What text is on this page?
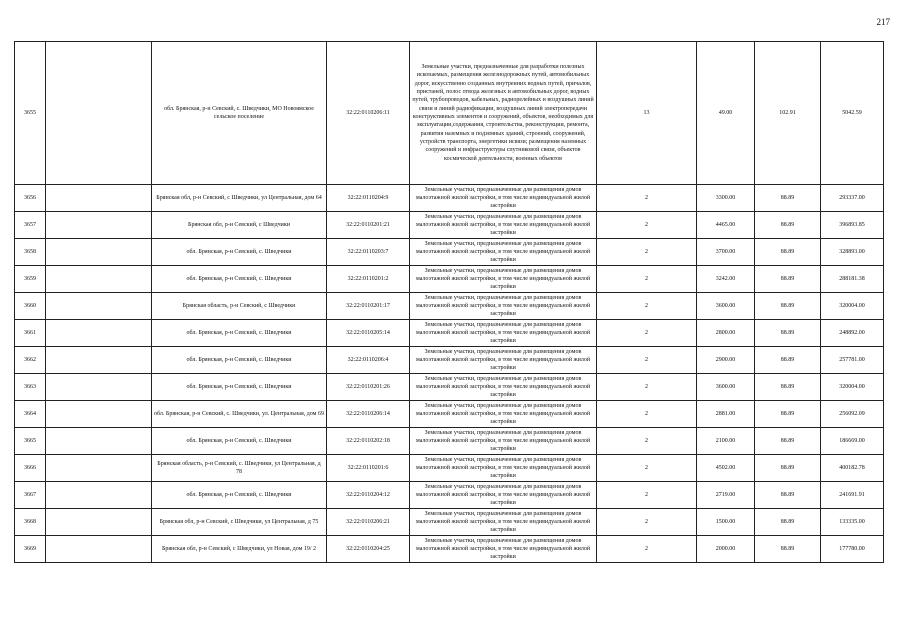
217
3655		обл. Брянская, р-н Севский, с. Шведчики, МО Новоямское сельское поселение	32:22:0110206:11	Земельные участки, предназначенные для разработки полезных ископаемых, размещения железнодорожных путей, автомобильных дорог, искусственно созданных внутренних водных путей, причалов, пристаней, полос отвода железных и автомобильных дорог, водных путей, трубопроводов, кабельных, радиорелейных и воздушных линий связи и линий радиофикации, воздушных линий электропередачи конструктивных элементов и сооружений, объектов, необходимых для эксплуатации,содержания, строительства, реконструкции, ремонта, развития наземных и подземных зданий, строений, сооружений, устройств транспорта, энергетики исвязи; размещения наземных сооружений и инфраструктуры спутниковой связи, объектов космической деятельности, военных объектов	13	49.00	102.91	5042.59
3656		Брянская обл, р-н Севский, с Шведчики, ул Центральная, дом 64	32:22:0110204:9	Земельные участки, предназначенные для размещения домов малоэтажной жилой застройки, в том числе индивидуальной жилой застройки	2	3300.00	88.89	293337.00
3657		Брянская обл, р-н Севский, с Шведчики	32:22:0110201:21	Земельные участки, предназначенные для размещения домов малоэтажной жилой застройки, в том числе индивидуальной жилой застройки	2	4465.00	88.89	396893.85
3658		обл. Брянская, р-н Севский, с. Шведчики	32:22:0110203:7	Земельные участки, предназначенные для размещения домов малоэтажной жилой застройки, в том числе индивидуальной жилой застройки	2	3700.00	88.89	328893.00
3659		обл. Брянская, р-н Севский, с. Шведчики	32:22:0110201:2	Земельные участки, предназначенные для размещения домов малоэтажной жилой застройки, в том числе индивидуальной жилой застройки	2	3242.00	88.89	288181.38
3660		Брянская область, р-н Севский, с Шведчики	32:22:0110201:17	Земельные участки, предназначенные для размещения домов малоэтажной жилой застройки, в том числе индивидуальной жилой застройки	2	3600.00	88.89	320004.00
3661		обл. Брянская, р-н Севский, с. Шведчики	32:22:0110205:14	Земельные участки, предназначенные для размещения домов малоэтажной жилой застройки, в том числе индивидуальной жилой застройки	2	2800.00	88.89	248892.00
3662		обл. Брянская, р-н Севский, с. Шведчики	32:22:0110206:4	Земельные участки, предназначенные для размещения домов малоэтажной жилой застройки, в том числе индивидуальной жилой застройки	2	2900.00	88.89	257781.00
3663		обл. Брянская, р-н Севский, с. Шведчики	32:22:0110201:26	Земельные участки, предназначенные для размещения домов малоэтажной жилой застройки, в том числе индивидуальной жилой застройки	2	3600.00	88.89	320004.00
3664		обл. Брянская, р-н Севский, с. Шведчики, ул. Центральная, дом 69	32:22:0110206:14	Земельные участки, предназначенные для размещения домов малоэтажной жилой застройки, в том числе индивидуальной жилой застройки	2	2881.00	88.89	256092.09
3665		обл. Брянская, р-н Севский, с. Шведчики	32:22:0110202:18	Земельные участки, предназначенные для размещения домов малоэтажной жилой застройки, в том числе индивидуальной жилой застройки	2	2100.00	88.89	186669.00
3666		Брянская область, р-н Севский, с. Шведчики, ул Центральная, д 78	32:22:0110201:6	Земельные участки, предназначенные для размещения домов малоэтажной жилой застройки, в том числе индивидуальной жилой застройки	2	4502.00	88.89	400182.78
3667		обл. Брянская, р-н Севский, с. Шведчики	32:22:0110204:12	Земельные участки, предназначенные для размещения домов малоэтажной жилой застройки, в том числе индивидуальной жилой застройки	2	2719.00	88.89	241691.91
3668		Брянская обл, р-н Севский, с Шведчики, ул Центральная, д 75	32:22:0110206:21	Земельные участки, предназначенные для размещения домов малоэтажной жилой застройки, в том числе индивидуальной жилой застройки	2	1500.00	88.89	133335.00
3669		Брянская обл, р-н Севский, с Шведчики, ул Новая, дом 19/ 2	32:22:0110204:25	Земельные участки, предназначенные для размещения домов малоэтажной жилой застройки, в том числе индивидуальной жилой застройки	2	2000.00	88.89	177780.00
